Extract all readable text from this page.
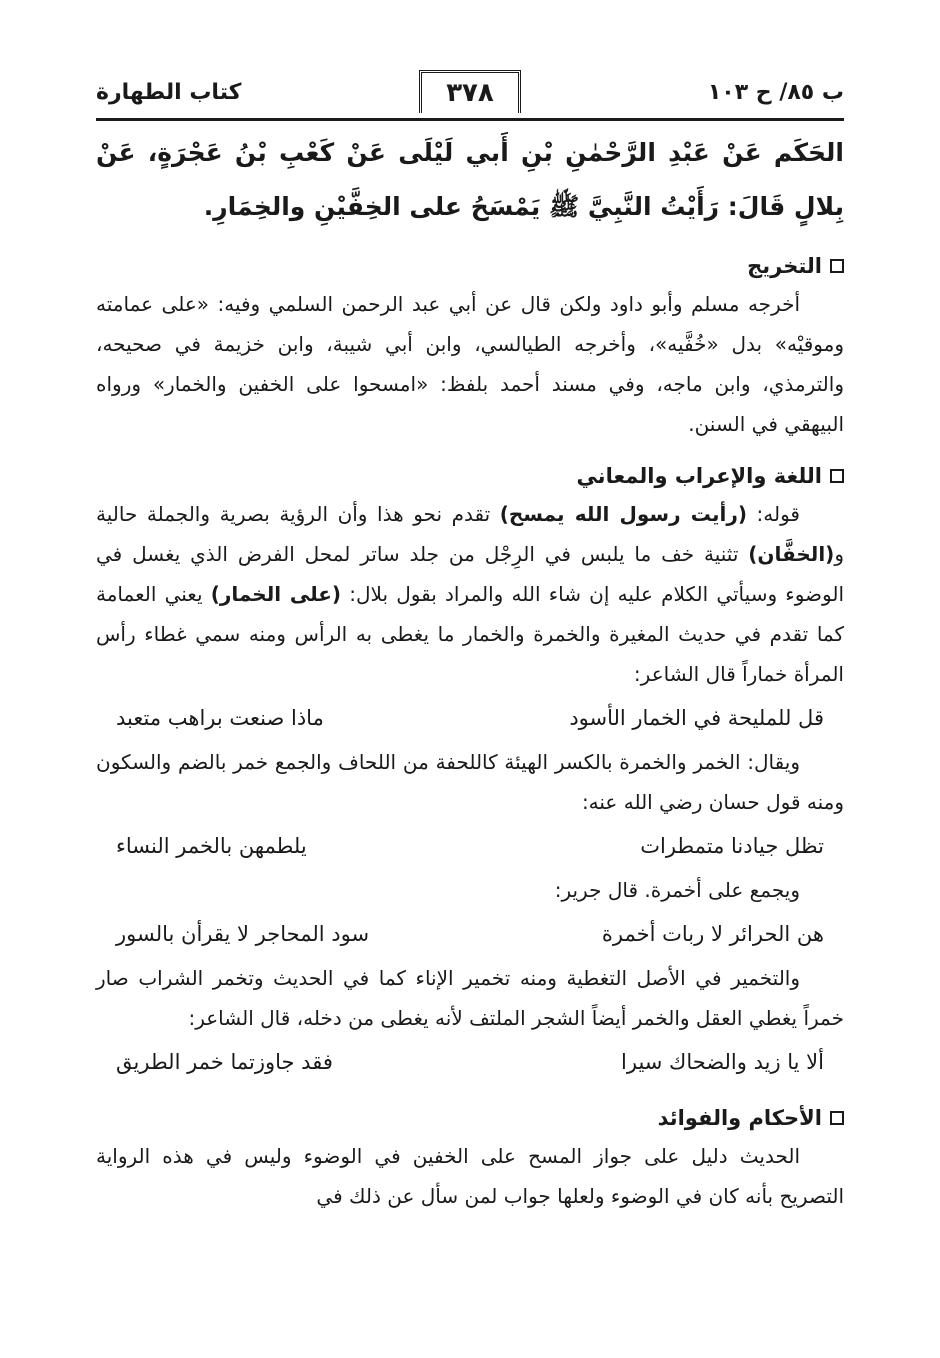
ب ٨٥/ ح ١٠٣
٣٧٨
كتاب الطهارة

الحَكَم عَنْ عَبْدِ الرَّحْمٰنِ بْنِ أَبي لَيْلَى عَنْ كَعْبِ بْنُ عَجْرَةٍ، عَنْ بِلالٍ قَالَ: رَأَيْتُ النَّبِيَّ ﷺ يَمْسَحُ على الخِفَّيْنِ والخِمَارِ.

التخريج

أخرجه مسلم وأبو داود ولكن قال عن أبي عبد الرحمن السلمي وفيه: «على عمامته وموقيْه» بدل «خُفَّيه»، وأخرجه الطيالسي، وابن أبي شيبة، وابن خزيمة في صحيحه، والترمذي، وابن ماجه، وفي مسند أحمد بلفظ: «امسحوا على الخفين والخمار» ورواه البيهقي في السنن.

اللغة والإعراب والمعاني

قوله: (رأيت رسول الله يمسح) تقدم نحو هذا وأن الرؤية بصرية والجملة حالية و(الخفَّان) تثنية خف ما يلبس في الرِجْل من جلد ساتر لمحل الفرض الذي يغسل في الوضوء وسيأتي الكلام عليه إن شاء الله والمراد بقول بلال: (على الخمار) يعني العمامة كما تقدم في حديث المغيرة والخمرة والخمار ما يغطى به الرأس ومنه سمي غطاء رأس المرأة خماراً قال الشاعر:

قل للمليحة في الخمار الأسود
ماذا صنعت براهب متعبد

ويقال: الخمر والخمرة بالكسر الهيئة كاللحفة من اللحاف والجمع خمر بالضم والسكون ومنه قول حسان رضي الله عنه:

تظل جيادنا متمطرات
يلطمهن بالخمر النساء

ويجمع على أخمرة. قال جرير:

هن الحرائر لا ربات أخمرة
سود المحاجر لا يقرأن بالسور

والتخمير في الأصل التغطية ومنه تخمير الإناء كما في الحديث وتخمر الشراب صار خمراً يغطي العقل والخمر أيضاً الشجر الملتف لأنه يغطى من دخله، قال الشاعر:

ألا يا زيد والضحاك سيرا
فقد جاوزتما خمر الطريق
الأحكام والفوائد

الحديث دليل على جواز المسح على الخفين في الوضوء وليس في هذه الرواية التصريح بأنه كان في الوضوء ولعلها جواب لمن سأل عن ذلك في
